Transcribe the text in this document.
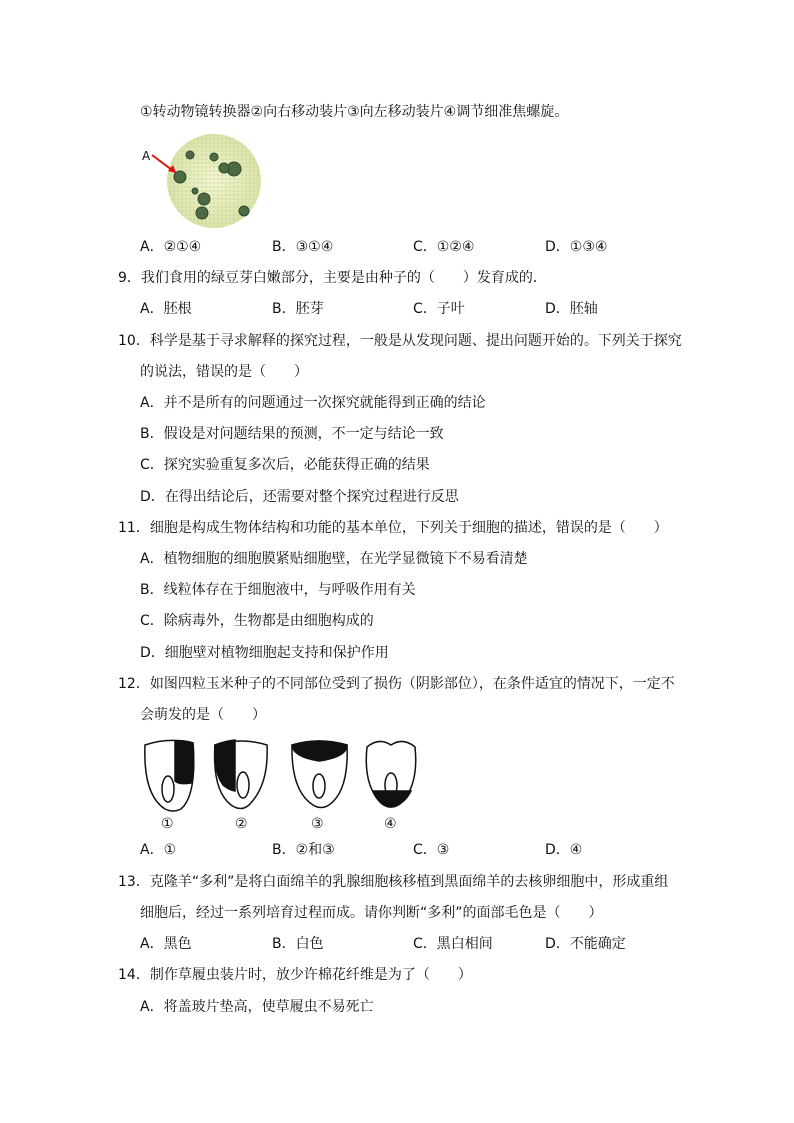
①转动物镜转换器②向右移动装片③向左移动装片④调节细准焦螺旋。
A
A．②①④	B．③①④	C．①②④	D．①③④
9．我们食用的绿豆芽白嫩部分，主要是由种子的（　　）发育成的．
A．胚根	B．胚芽	C．子叶	D．胚轴
10．科学是基于寻求解释的探究过程，一般是从发现问题、提出问题开始的。下列关于探究
的说法，错误的是（　　）
A．并不是所有的问题通过一次探究就能得到正确的结论
B．假设是对问题结果的预测，不一定与结论一致
C．探究实验重复多次后，必能获得正确的结果
D．在得出结论后，还需要对整个探究过程进行反思
11．细胞是构成生物体结构和功能的基本单位，下列关于细胞的描述，错误的是（　　）
A．植物细胞的细胞膜紧贴细胞壁，在光学显微镜下不易看清楚
B．线粒体存在于细胞液中，与呼吸作用有关
C．除病毒外，生物都是由细胞构成的
D．细胞壁对植物细胞起支持和保护作用
12．如图四粒玉米种子的不同部位受到了损伤（阴影部位），在条件适宜的情况下，一定不
会萌发的是（　　）
①	②	③	④
A．①	B．②和③	C．③	D．④
13．克隆羊“多利”是将白面绵羊的乳腺细胞核移植到黑面绵羊的去核卵细胞中，形成重组
细胞后，经过一系列培育过程而成。请你判断“多利”的面部毛色是（　　）
A．黑色	B．白色	C．黑白相间	D．不能确定
14．制作草履虫装片时，放少许棉花纤维是为了（　　）
A．将盖玻片垫高，使草履虫不易死亡
